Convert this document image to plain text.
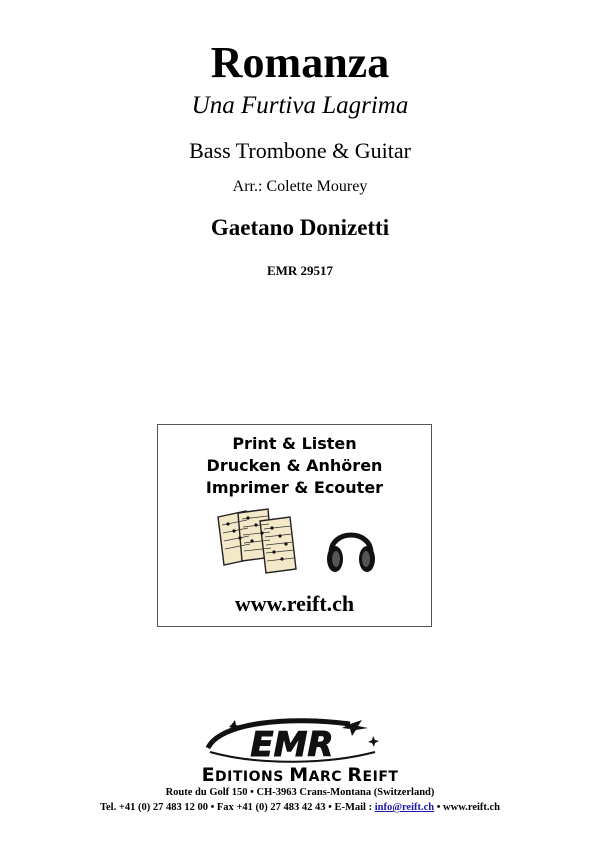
Romanza
Una Furtiva Lagrima
Bass Trombone & Guitar
Arr.: Colette Mourey
Gaetano Donizetti
EMR 29517
Print & Listen
Drucken & Anhören
Imprimer & Ecouter
www.reift.ch
EMR
EDITIONS MARC REIFT
Route du Golf 150 • CH-3963 Crans-Montana (Switzerland)
Tel. +41 (0) 27 483 12 00 • Fax +41 (0) 27 483 42 43 • E-Mail : info@reift.ch • www.reift.ch
